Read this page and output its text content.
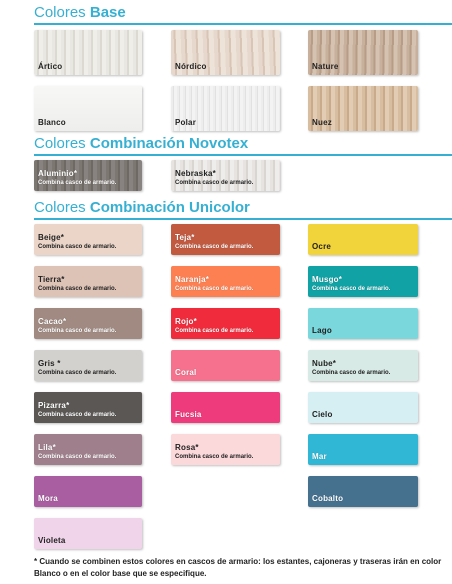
Colores Base
Ártico	Nórdico	Nature
Blanco	Polar	Nuez
Colores Combinación Novotex
Aluminio*
Combina casco de armario.
Nebraska*
Combina casco de armario.
Colores Combinación Unicolor
Beige*
Combina casco de armario.
Tierra*
Combina casco de armario.
Cacao*
Combina casco de armario.
Gris *
Combina casco de armario.
Pizarra*
Combina casco de armario.
Lila*
Combina casco de armario.
Mora
Violeta
Teja*
Combina casco de armario.
Naranja*
Combina casco de armario.
Rojo*
Combina casco de armario.
Coral
Fucsia
Rosa*
Combina casco de armario.
Ocre
Musgo*
Combina casco de armario.
Lago
Nube*
Combina casco de armario.
Cielo
Mar
Cobalto
* Cuando se combinen estos colores en cascos de armario: los estantes, cajoneras y traseras irán en color Blanco o en el color base que se especifique.
